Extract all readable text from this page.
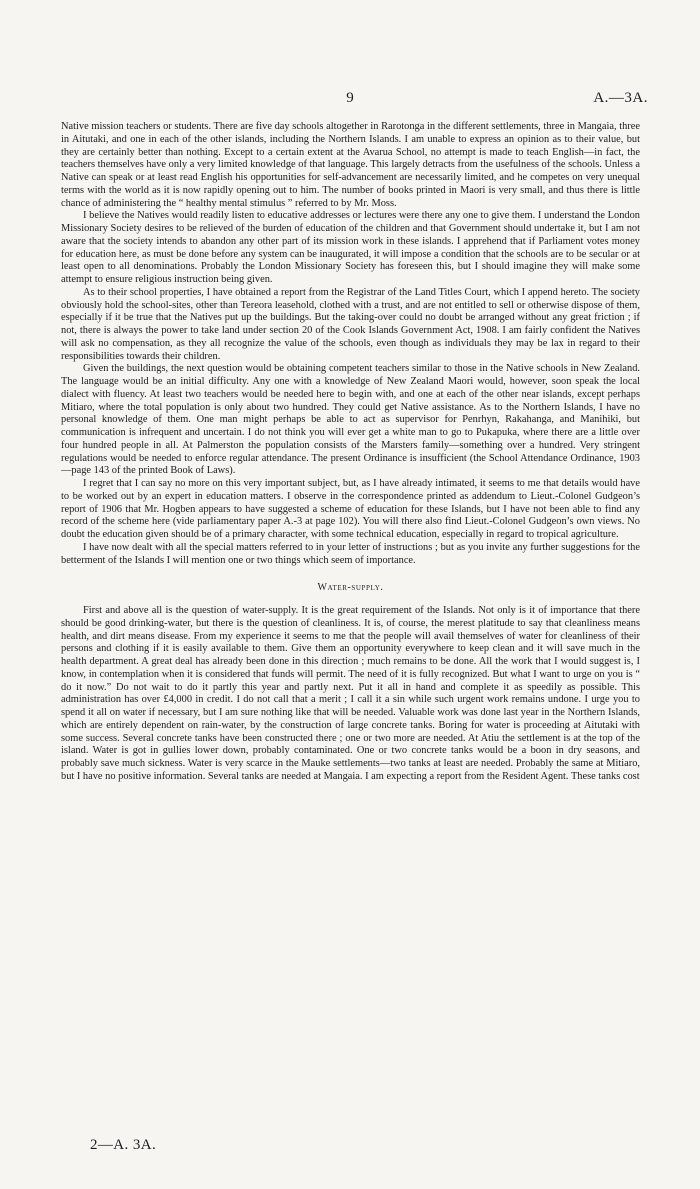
9	A.—3A.

Native mission teachers or students. There are five day schools altogether in Rarotonga in the different settlements, three in Mangaia, three in Aitutaki, and one in each of the other islands, including the Northern Islands. I am unable to express an opinion as to their value, but they are certainly better than nothing. Except to a certain extent at the Avarua School, no attempt is made to teach English—in fact, the teachers themselves have only a very limited knowledge of that language. This largely detracts from the usefulness of the schools. Unless a Native can speak or at least read English his opportunities for self-advancement are necessarily limited, and he competes on very unequal terms with the world as it is now rapidly opening out to him. The number of books printed in Maori is very small, and thus there is little chance of administering the “ healthy mental stimulus ” referred to by Mr. Moss.

I believe the Natives would readily listen to educative addresses or lectures were there any one to give them. I understand the London Missionary Society desires to be relieved of the burden of education of the children and that Government should undertake it, but I am not aware that the society intends to abandon any other part of its mission work in these islands. I apprehend that if Parliament votes money for education here, as must be done before any system can be inaugurated, it will impose a condition that the schools are to be secular or at least open to all denominations. Probably the London Missionary Society has foreseen this, but I should imagine they will make some attempt to ensure religious instruction being given.

As to their school properties, I have obtained a report from the Registrar of the Land Titles Court, which I append hereto. The society obviously hold the school-sites, other than Tereora leasehold, clothed with a trust, and are not entitled to sell or otherwise dispose of them, especially if it be true that the Natives put up the buildings. But the taking-over could no doubt be arranged without any great friction ; if not, there is always the power to take land under section 20 of the Cook Islands Government Act, 1908. I am fairly confident the Natives will ask no compensation, as they all recognize the value of the schools, even though as individuals they may be lax in regard to their responsibilities towards their children.

Given the buildings, the next question would be obtaining competent teachers similar to those in the Native schools in New Zealand. The language would be an initial difficulty. Any one with a knowledge of New Zealand Maori would, however, soon speak the local dialect with fluency. At least two teachers would be needed here to begin with, and one at each of the other near islands, except perhaps Mitiaro, where the total population is only about two hundred. They could get Native assistance. As to the Northern Islands, I have no personal knowledge of them. One man might perhaps be able to act as supervisor for Penrhyn, Rakahanga, and Manihiki, but communication is infrequent and uncertain. I do not think you will ever get a white man to go to Pukapuka, where there are a little over four hundred people in all. At Palmerston the population consists of the Marsters family—something over a hundred. Very stringent regulations would be needed to enforce regular attendance. The present Ordinance is insufficient (the School Attendance Ordinance, 1903—page 143 of the printed Book of Laws).

I regret that I can say no more on this very important subject, but, as I have already intimated, it seems to me that details would have to be worked out by an expert in education matters. I observe in the correspondence printed as addendum to Lieut.-Colonel Gudgeon’s report of 1906 that Mr. Hogben appears to have suggested a scheme of education for these Islands, but I have not been able to find any record of the scheme here (vide parliamentary paper A.-3 at page 102). You will there also find Lieut.-Colonel Gudgeon’s own views. No doubt the education given should be of a primary character, with some technical education, especially in regard to tropical agriculture.

I have now dealt with all the special matters referred to in your letter of instructions ; but as you invite any further suggestions for the betterment of the Islands I will mention one or two things which seem of importance.

Water-supply.

First and above all is the question of water-supply. It is the great requirement of the Islands. Not only is it of importance that there should be good drinking-water, but there is the question of cleanliness. It is, of course, the merest platitude to say that cleanliness means health, and dirt means disease. From my experience it seems to me that the people will avail themselves of water for cleanliness of their persons and clothing if it is easily available to them. Give them an opportunity everywhere to keep clean and it will save much in the health department. A great deal has already been done in this direction ; much remains to be done. All the work that I would suggest is, I know, in contemplation when it is considered that funds will permit. The need of it is fully recognized. But what I want to urge on you is “ do it now.” Do not wait to do it partly this year and partly next. Put it all in hand and complete it as speedily as possible. This administration has over £4,000 in credit. I do not call that a merit ; I call it a sin while such urgent work remains undone. I urge you to spend it all on water if necessary, but I am sure nothing like that will be needed. Valuable work was done last year in the Northern Islands, which are entirely dependent on rain-water, by the construction of large concrete tanks. Boring for water is proceeding at Aitutaki with some success. Several concrete tanks have been constructed there ; one or two more are needed. At Atiu the settlement is at the top of the island. Water is got in gullies lower down, probably contaminated. One or two concrete tanks would be a boon in dry seasons, and probably save much sickness. Water is very scarce in the Mauke settlements—two tanks at least are needed. Probably the same at Mitiaro, but I have no positive information. Several tanks are needed at Mangaia. I am expecting a report from the Resident Agent. These tanks cost

2—A. 3A.
